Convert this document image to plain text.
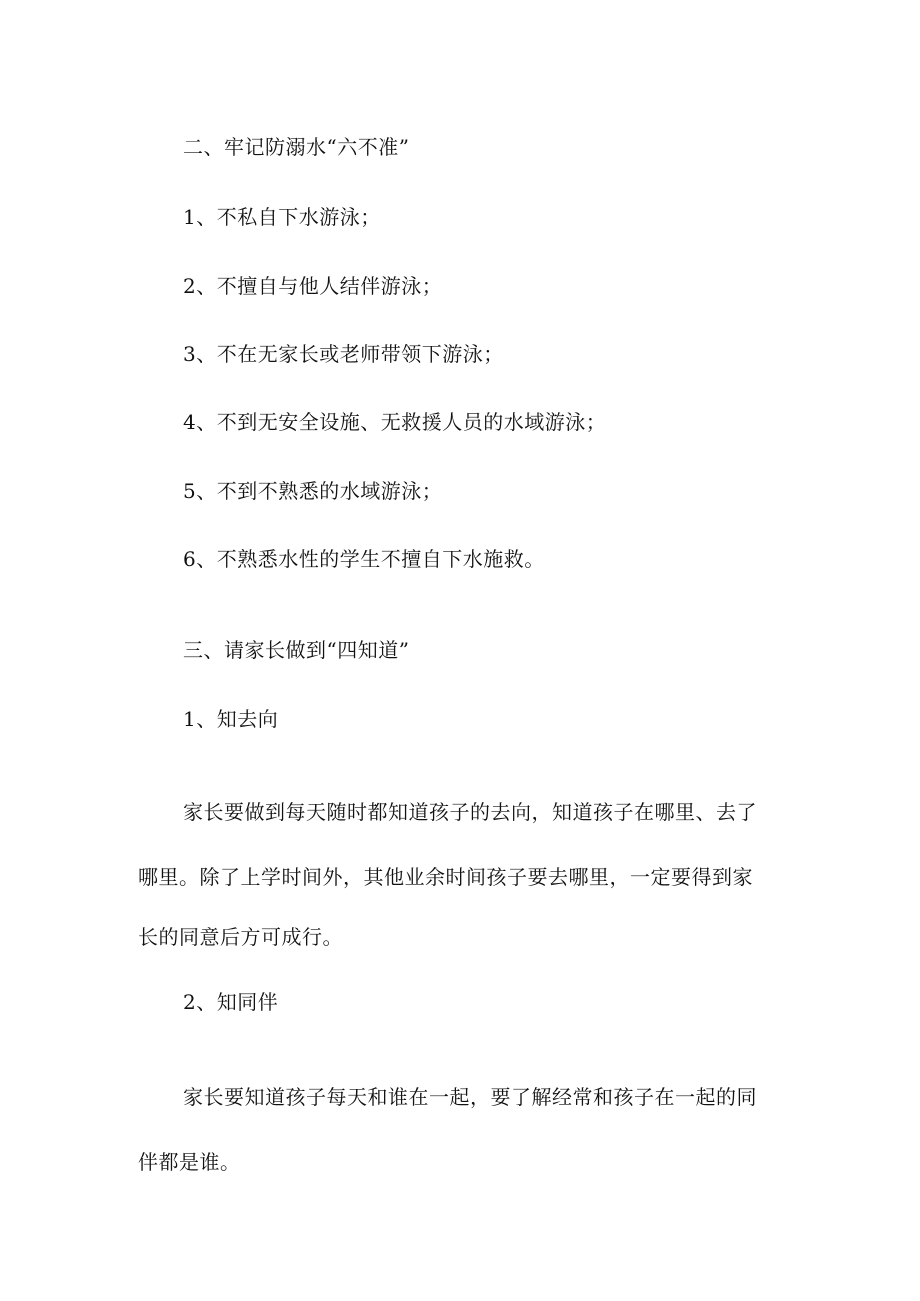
二、牢记防溺水“六不准”
1、不私自下水游泳；
2、不擅自与他人结伴游泳；
3、不在无家长或老师带领下游泳；
4、不到无安全设施、无救援人员的水域游泳；
5、不到不熟悉的水域游泳；
6、不熟悉水性的学生不擅自下水施救。
三、请家长做到“四知道”
1、知去向
家长要做到每天随时都知道孩子的去向，知道孩子在哪里、去了
哪里。除了上学时间外，其他业余时间孩子要去哪里，一定要得到家
长的同意后方可成行。
2、知同伴
家长要知道孩子每天和谁在一起，要了解经常和孩子在一起的同
伴都是谁。
